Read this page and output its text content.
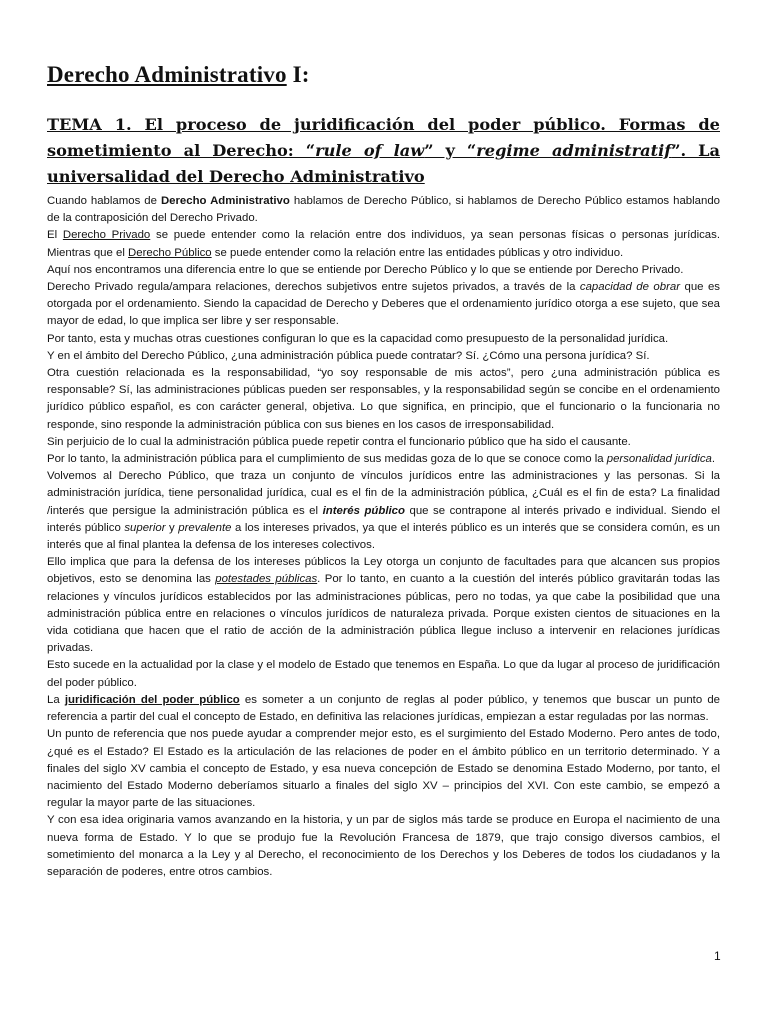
Derecho Administrativo I:
TEMA 1. El proceso de juridificación del poder público. Formas de sometimiento al Derecho: “rule of law” y “regime administratif”. La universalidad del Derecho Administrativo

Cuando hablamos de Derecho Administrativo hablamos de Derecho Público, si hablamos de Derecho Público estamos hablando de la contraposición del Derecho Privado.

El Derecho Privado se puede entender como la relación entre dos individuos, ya sean personas físicas o personas jurídicas. Mientras que el Derecho Público se puede entender como la relación entre las entidades públicas y otro individuo.

Aquí nos encontramos una diferencia entre lo que se entiende por Derecho Público y lo que se entiende por Derecho Privado.

Derecho Privado regula/ampara relaciones, derechos subjetivos entre sujetos privados, a través de la capacidad de obrar que es otorgada por el ordenamiento. Siendo la capacidad de Derecho y Deberes que el ordenamiento jurídico otorga a ese sujeto, que sea mayor de edad, lo que implica ser libre y ser responsable.

Por tanto, esta y muchas otras cuestiones configuran lo que es la capacidad como presupuesto de la personalidad jurídica.

Y en el ámbito del Derecho Público, ¿una administración pública puede contratar? Sí. ¿Cómo una persona jurídica? Sí.

Otra cuestión relacionada es la responsabilidad, “yo soy responsable de mis actos”, pero ¿una administración pública es responsable? Sí, las administraciones públicas pueden ser responsables, y la responsabilidad según se concibe en el ordenamiento jurídico público español, es con carácter general, objetiva. Lo que significa, en principio, que el funcionario o la funcionaria no responde, sino responde la administración pública con sus bienes en los casos de irresponsabilidad.

Sin perjuicio de lo cual la administración pública puede repetir contra el funcionario público que ha sido el causante.

Por lo tanto, la administración pública para el cumplimiento de sus medidas goza de lo que se conoce como la personalidad jurídica.

Volvemos al Derecho Público, que traza un conjunto de vínculos jurídicos entre las administraciones y las personas. Si la administración jurídica, tiene personalidad jurídica, cual es el fin de la administración pública, ¿Cuál es el fin de esta? La finalidad /interés que persigue la administración pública es el interés público que se contrapone al interés privado e individual. Siendo el interés público superior y prevalente a los intereses privados, ya que el interés público es un interés que se considera común, es un interés que al final plantea la defensa de los intereses colectivos.

Ello implica que para la defensa de los intereses públicos la Ley otorga un conjunto de facultades para que alcancen sus propios objetivos, esto se denomina las potestades públicas. Por lo tanto, en cuanto a la cuestión del interés público gravitarán todas las relaciones y vínculos jurídicos establecidos por las administraciones públicas, pero no todas, ya que cabe la posibilidad que una administración pública entre en relaciones o vínculos jurídicos de naturaleza privada. Porque existen cientos de situaciones en la vida cotidiana que hacen que el ratio de acción de la administración pública llegue incluso a intervenir en relaciones jurídicas privadas.

Esto sucede en la actualidad por la clase y el modelo de Estado que tenemos en España. Lo que da lugar al proceso de juridificación del poder público.

La juridificación del poder público es someter a un conjunto de reglas al poder público, y tenemos que buscar un punto de referencia a partir del cual el concepto de Estado, en definitiva las relaciones jurídicas, empiezan a estar reguladas por las normas.

Un punto de referencia que nos puede ayudar a comprender mejor esto, es el surgimiento del Estado Moderno. Pero antes de todo, ¿qué es el Estado? El Estado es la articulación de las relaciones de poder en el ámbito público en un territorio determinado. Y a finales del siglo XV cambia el concepto de Estado, y esa nueva concepción de Estado se denomina Estado Moderno, por tanto, el nacimiento del Estado Moderno deberíamos situarlo a finales del siglo XV – principios del XVI. Con este cambio, se empezó a regular la mayor parte de las situaciones.

Y con esa idea originaria vamos avanzando en la historia, y un par de siglos más tarde se produce en Europa el nacimiento de una nueva forma de Estado. Y lo que se produjo fue la Revolución Francesa de 1879, que trajo consigo diversos cambios, el sometimiento del monarca a la Ley y al Derecho, el reconocimiento de los Derechos y los Deberes de todos los ciudadanos y la separación de poderes, entre otros cambios.

1
